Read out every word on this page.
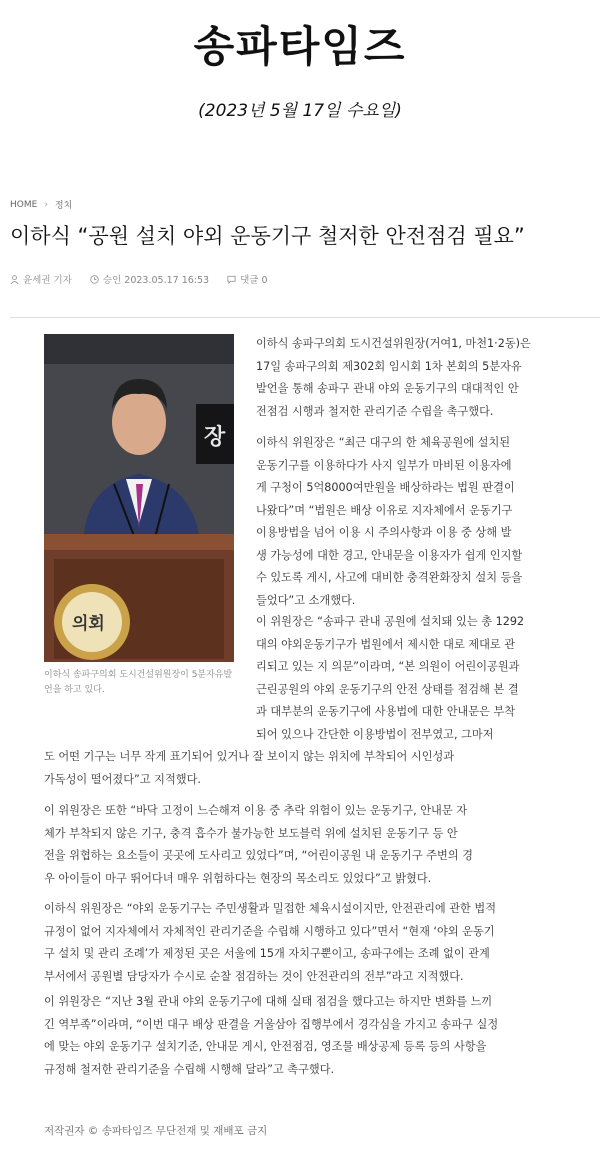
송파타임즈
(2023년 5월 17일 수요일)
HOME › 정치
이하식 “공원 설치 야외 운동기구 철저한 안전점검 필요”
윤세권 기자	승인 2023.05.17 16:53	댓글 0
장
의회
이하식 송파구의회 도시건설위원장이 5분자유발언을 하고 있다.
이하식 송파구의회 도시건설위원장(거여1, 마천1·2동)은
17일 송파구의회 제302회 임시회 1차 본회의 5분자유
발언을 통해 송파구 관내 야외 운동기구의 대대적인 안
전점검 시행과 철저한 관리기준 수립을 촉구했다.
이하식 위원장은 “최근 대구의 한 체육공원에 설치된
운동기구를 이용하다가 사지 일부가 마비된 이용자에
게 구청이 5억8000여만원을 배상하라는 법원 판결이
나왔다”며 “법원은 배상 이유로 지자체에서 운동기구
이용방법을 넘어 이용 시 주의사항과 이용 중 상해 발
생 가능성에 대한 경고, 안내문을 이용자가 쉽게 인지할
수 있도록 게시, 사고에 대비한 충격완화장치 설치 등을
들었다”고 소개했다.
이 위원장은 “송파구 관내 공원에 설치돼 있는 총 1292
대의 야외운동기구가 법원에서 제시한 대로 제대로 관
리되고 있는 지 의문”이라며, “본 의원이 어린이공원과
근린공원의 야외 운동기구의 안전 상태를 점검해 본 결
과 대부분의 운동기구에 사용법에 대한 안내문은 부착
되어 있으나 간단한 이용방법이 전부였고, 그마저
도 어떤 기구는 너무 작게 표기되어 있거나 잘 보이지 않는 위치에 부착되어 시인성과
가독성이 떨어졌다”고 지적했다.
이 위원장은 또한 “바닥 고정이 느슨해져 이용 중 추락 위험이 있는 운동기구, 안내문 자
체가 부착되지 않은 기구, 충격 흡수가 불가능한 보도블럭 위에 설치된 운동기구 등 안
전을 위협하는 요소들이 곳곳에 도사리고 있었다”며, “어린이공원 내 운동기구 주변의 경
우 아이들이 마구 뛰어다녀 매우 위험하다는 현장의 목소리도 있었다”고 밝혔다.
이하식 위원장은 “야외 운동기구는 주민생활과 밀접한 체육시설이지만, 안전관리에 관한 법적
규정이 없어 지자체에서 자체적인 관리기준을 수립해 시행하고 있다”면서 “현재 ‘야외 운동기
구 설치 및 관리 조례’가 제정된 곳은 서울에 15개 자치구뿐이고, 송파구에는 조례 없이 관계
부서에서 공원별 담당자가 수시로 순찰 점검하는 것이 안전관리의 전부”라고 지적했다.
이 위원장은 “지난 3월 관내 야외 운동기구에 대해 실태 점검을 했다고는 하지만 변화를 느끼
긴 역부족”이라며, “이번 대구 배상 판결을 거울삼아 집행부에서 경각심을 가지고 송파구 실정
에 맞는 야외 운동기구 설치기준, 안내문 게시, 안전점검, 영조물 배상공제 등록 등의 사항을
규정해 철저한 관리기준을 수립해 시행해 달라”고 촉구했다.
저작권자 © 송파타임즈 무단전재 및 재배포 금지
